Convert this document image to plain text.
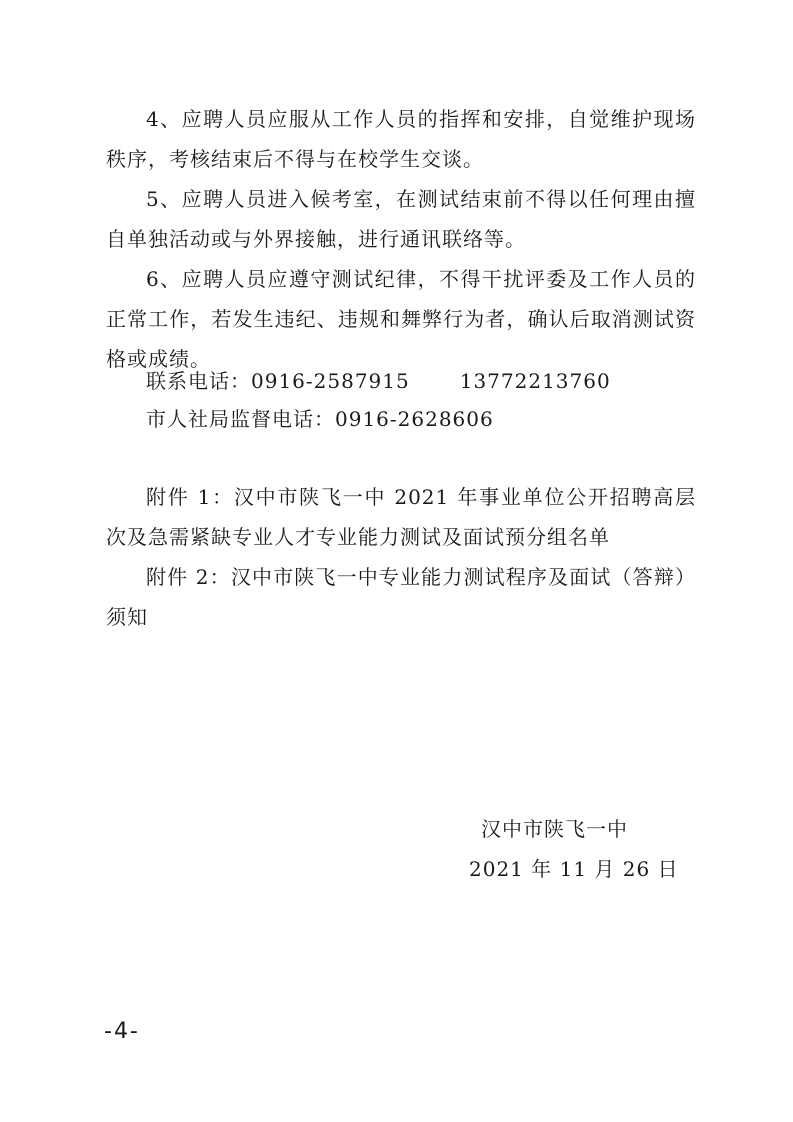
4、应聘人员应服从工作人员的指挥和安排，自觉维护现场秩序，考核结束后不得与在校学生交谈。

5、应聘人员进入候考室，在测试结束前不得以任何理由擅自单独活动或与外界接触，进行通讯联络等。

6、应聘人员应遵守测试纪律，不得干扰评委及工作人员的正常工作，若发生违纪、违规和舞弊行为者，确认后取消测试资格或成绩。

联系电话：0916-2587915	13772213760
市人社局监督电话：0916-2628606

附件 1：汉中市陕飞一中 2021 年事业单位公开招聘高层次及急需紧缺专业人才专业能力测试及面试预分组名单

附件 2：汉中市陕飞一中专业能力测试程序及面试（答辩）须知

汉中市陕飞一中
2021 年 11 月 26 日
-4-
